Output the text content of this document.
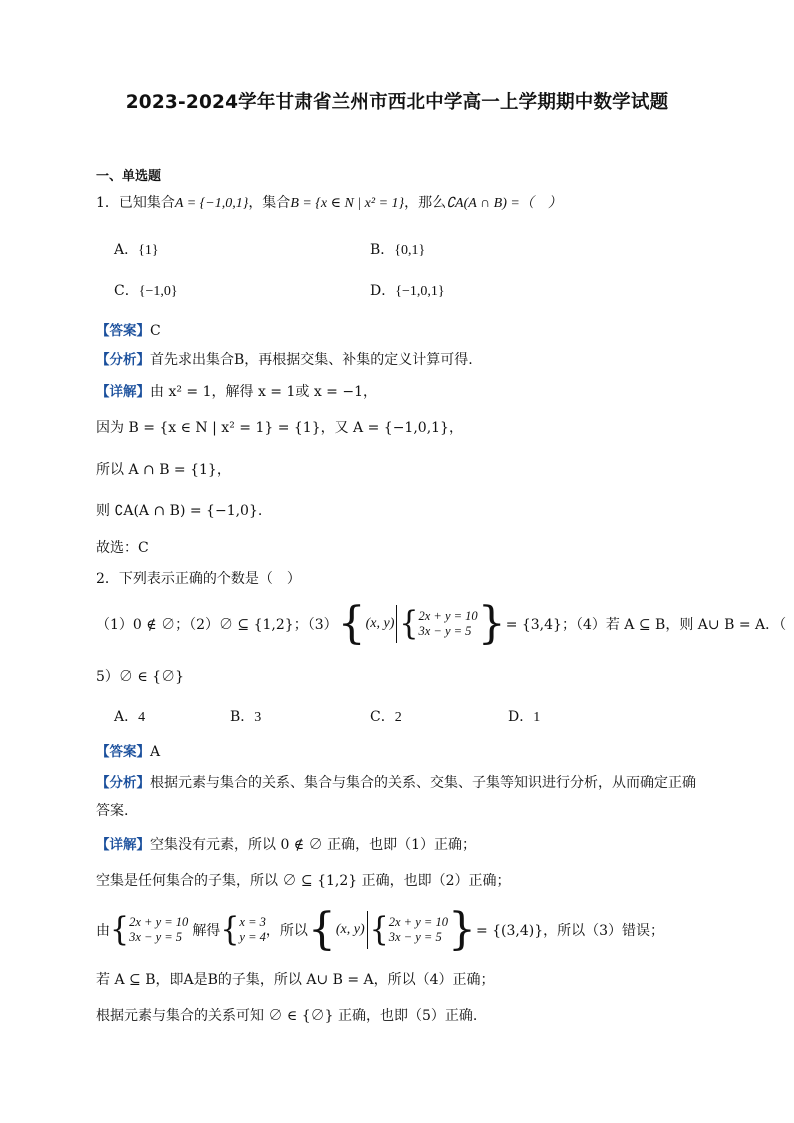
2023-2024学年甘肃省兰州市西北中学高一上学期期中数学试题
一、单选题
1．已知集合A = {−1,0,1}，集合B = {x ∈ N | x² = 1}，那么∁A(A ∩ B) =（　）
A．{1}	B．{0,1}
C．{−1,0}	D．{−1,0,1}
【答案】C
【分析】首先求出集合B，再根据交集、补集的定义计算可得.
【详解】由 x² = 1，解得 x = 1或 x = −1，
因为 B = {x ∈ N | x² = 1} = {1}，又 A = {−1,0,1}，
所以 A ∩ B = {1}，
则 ∁A(A ∩ B) = {−1,0}.
故选：C
2．下列表示正确的个数是（　）
（1）0 ∉ ∅；（2）∅ ⊆ {1,2}；（3） { (x, y) { 2x + y = 10
3x − y = 5 } = {3,4}；（4）若 A ⊆ B，则 A∪ B = A．（
5）∅ ∈ {∅}
A．4	B．3	C．2	D．1
【答案】A
【分析】根据元素与集合的关系、集合与集合的关系、交集、子集等知识进行分析，从而确定正确
答案.
【详解】空集没有元素，所以 0 ∉ ∅ 正确，也即（1）正确；
空集是任何集合的子集，所以 ∅ ⊆ {1,2} 正确，也即（2）正确；
由 { 2x + y = 10
3x − y = 5 解得 { x = 3
y = 4 ，所以 { (x, y) { 2x + y = 10
3x − y = 5 } = {(3,4)}，所以（3）错误；
若 A ⊆ B，即A是B的子集，所以 A∪ B = A，所以（4）正确；
根据元素与集合的关系可知 ∅ ∈ {∅} 正确，也即（5）正确.
